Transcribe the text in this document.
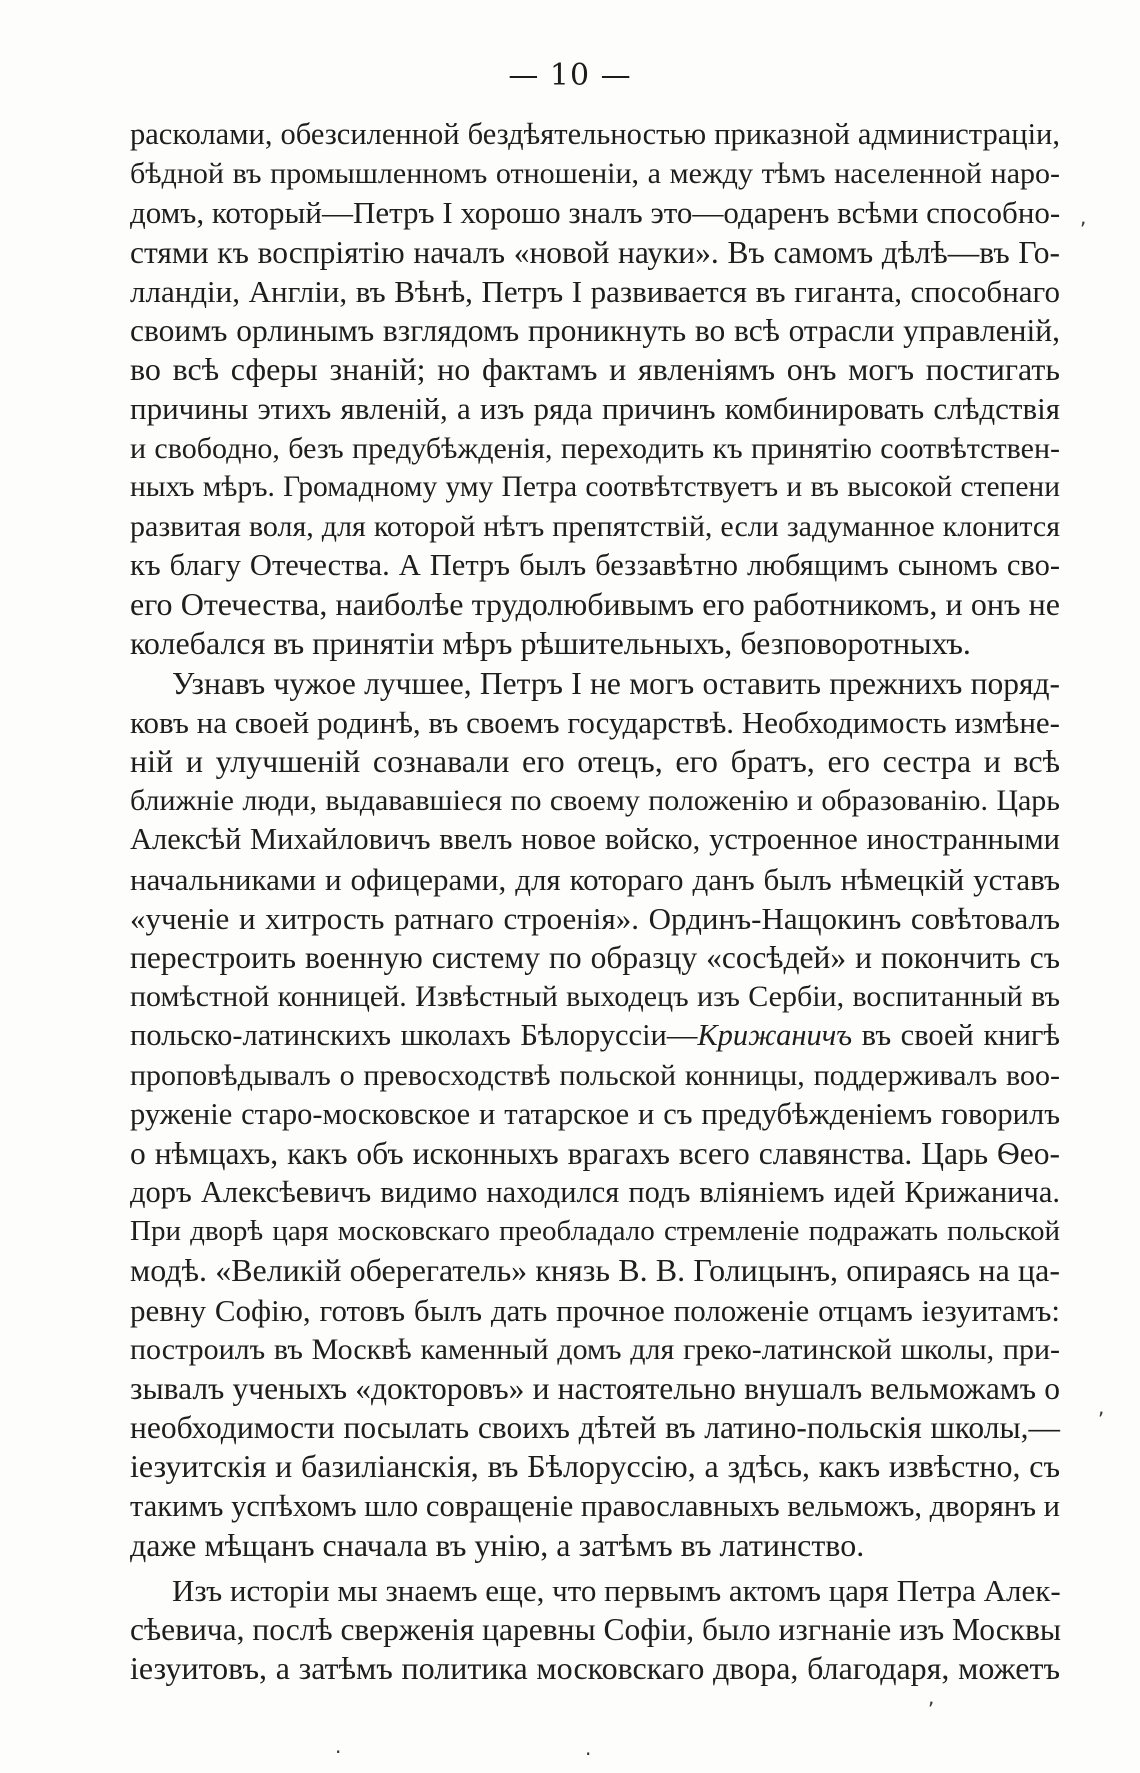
— 10 —
расколами, обезсиленной бездѣятельностью приказной администраціи,
бѣдной въ промышленномъ отношеніи, а между тѣмъ населенной наро-
домъ, который—Петръ I хорошо зналъ это—одаренъ всѣми способно-
стями къ воспріятію началъ «новой науки». Въ самомъ дѣлѣ—въ Го-
лландіи, Англіи, въ Вѣнѣ, Петръ I развивается въ гиганта, способнаго
своимъ орлинымъ взглядомъ проникнуть во всѣ отрасли управленій,
во всѣ сферы знаній; но фактамъ и явленіямъ онъ могъ постигать
причины этихъ явленій, а изъ ряда причинъ комбинировать слѣдствія
и свободно, безъ предубѣжденія, переходить къ принятію соотвѣтствен-
ныхъ мѣръ. Громадному уму Петра соотвѣтствуетъ и въ высокой степени
развитая воля, для которой нѣтъ препятствій, если задуманное клонится
къ благу Отечества. А Петръ былъ беззавѣтно любящимъ сыномъ сво-
его Отечества, наиболѣе трудолюбивымъ его работникомъ, и онъ не
колебался въ принятіи мѣръ рѣшительныхъ, безповоротныхъ.
Узнавъ чужое лучшее, Петръ I не могъ оставить прежнихъ поряд-
ковъ на своей родинѣ, въ своемъ государствѣ. Необходимость измѣне-
ній и улучшеній сознавали его отецъ, его братъ, его сестра и всѣ
ближніе люди, выдававшіеся по своему положенію и образованію. Царь
Алексѣй Михайловичъ ввелъ новое войско, устроенное иностранными
начальниками и офицерами, для котораго данъ былъ нѣмецкій уставъ
«ученіе и хитрость ратнаго строенія». Ординъ-Нащокинъ совѣтовалъ
перестроить военную систему по образцу «сосѣдей» и покончить съ
помѣстной конницей. Извѣстный выходецъ изъ Сербіи, воспитанный въ
польско-латинскихъ школахъ Бѣлоруссіи—Крижаничъ въ своей книгѣ
проповѣдывалъ о превосходствѣ польской конницы, поддерживалъ воо-
руженіе старо-московское и татарское и съ предубѣжденіемъ говорилъ
о нѣмцахъ, какъ объ исконныхъ врагахъ всего славянства. Царь Ѳео-
доръ Алексѣевичъ видимо находился подъ вліяніемъ идей Крижанича.
При дворѣ царя московскаго преобладало стремленіе подражать польской
модѣ. «Великій оберегатель» князь В. В. Голицынъ, опираясь на ца-
ревну Софію, готовъ былъ дать прочное положеніе отцамъ іезуитамъ:
построилъ въ Москвѣ каменный домъ для греко-латинской школы, при-
зывалъ ученыхъ «докторовъ» и настоятельно внушалъ вельможамъ о
необходимости посылать своихъ дѣтей въ латино-польскія школы,—
іезуитскія и базиліанскія, въ Бѣлоруссію, а здѣсь, какъ извѣстно, съ
такимъ успѣхомъ шло совращеніе православныхъ вельможъ, дворянъ и
даже мѣщанъ сначала въ унію, а затѣмъ въ латинство.
Изъ исторіи мы знаемъ еще, что первымъ актомъ царя Петра Алек-
сѣевича, послѣ сверженія царевны Софіи, было изгнаніе изъ Москвы
іезуитовъ, а затѣмъ политика московскаго двора, благодаря, можетъ
,
,
,
·	·
